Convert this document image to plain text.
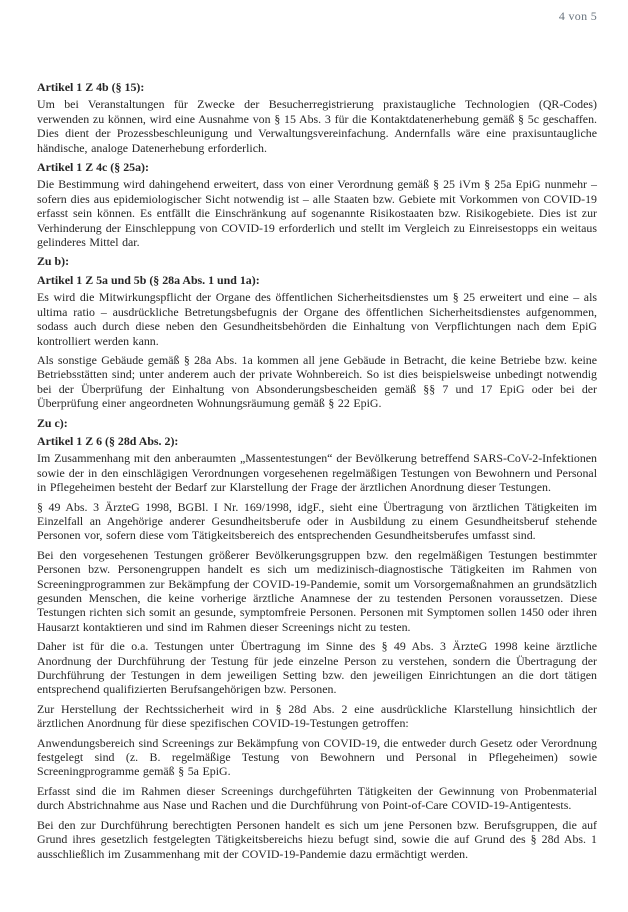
4 von 5
Artikel 1 Z 4b (§ 15):
Um bei Veranstaltungen für Zwecke der Besucherregistrierung praxistaugliche Technologien (QR-Codes) verwenden zu können, wird eine Ausnahme von § 15 Abs. 3 für die Kontaktdatenerhebung gemäß § 5c geschaffen. Dies dient der Prozessbeschleunigung und Verwaltungsvereinfachung. Andernfalls wäre eine praxisuntaugliche händische, analoge Datenerhebung erforderlich.
Artikel 1 Z 4c (§ 25a):
Die Bestimmung wird dahingehend erweitert, dass von einer Verordnung gemäß § 25 iVm § 25a EpiG nunmehr – sofern dies aus epidemiologischer Sicht notwendig ist – alle Staaten bzw. Gebiete mit Vorkommen von COVID-19 erfasst sein können. Es entfällt die Einschränkung auf sogenannte Risikostaaten bzw. Risikogebiete. Dies ist zur Verhinderung der Einschleppung von COVID-19 erforderlich und stellt im Vergleich zu Einreisestopps ein weitaus gelinderes Mittel dar.
Zu b):
Artikel 1 Z 5a und 5b (§ 28a Abs. 1 und 1a):
Es wird die Mitwirkungspflicht der Organe des öffentlichen Sicherheitsdienstes um § 25 erweitert und eine – als ultima ratio – ausdrückliche Betretungsbefugnis der Organe des öffentlichen Sicherheitsdienstes aufgenommen, sodass auch durch diese neben den Gesundheitsbehörden die Einhaltung von Verpflichtungen nach dem EpiG kontrolliert werden kann.
Als sonstige Gebäude gemäß § 28a Abs. 1a kommen all jene Gebäude in Betracht, die keine Betriebe bzw. keine Betriebsstätten sind; unter anderem auch der private Wohnbereich. So ist dies beispielsweise unbedingt notwendig bei der Überprüfung der Einhaltung von Absonderungsbescheiden gemäß §§ 7 und 17 EpiG oder bei der Überprüfung einer angeordneten Wohnungsräumung gemäß § 22 EpiG.
Zu c):
Artikel 1 Z 6 (§ 28d Abs. 2):
Im Zusammenhang mit den anberaumten „Massentestungen“ der Bevölkerung betreffend SARS-CoV-2-Infektionen sowie der in den einschlägigen Verordnungen vorgesehenen regelmäßigen Testungen von Bewohnern und Personal in Pflegeheimen besteht der Bedarf zur Klarstellung der Frage der ärztlichen Anordnung dieser Testungen.
§ 49 Abs. 3 ÄrzteG 1998, BGBl. I Nr. 169/1998, idgF., sieht eine Übertragung von ärztlichen Tätigkeiten im Einzelfall an Angehörige anderer Gesundheitsberufe oder in Ausbildung zu einem Gesundheitsberuf stehende Personen vor, sofern diese vom Tätigkeitsbereich des entsprechenden Gesundheitsberufes umfasst sind.
Bei den vorgesehenen Testungen größerer Bevölkerungsgruppen bzw. den regelmäßigen Testungen bestimmter Personen bzw. Personengruppen handelt es sich um medizinisch-diagnostische Tätigkeiten im Rahmen von Screeningprogrammen zur Bekämpfung der COVID-19-Pandemie, somit um Vorsorgemaßnahmen an grundsätzlich gesunden Menschen, die keine vorherige ärztliche Anamnese der zu testenden Personen voraussetzen. Diese Testungen richten sich somit an gesunde, symptomfreie Personen. Personen mit Symptomen sollen 1450 oder ihren Hausarzt kontaktieren und sind im Rahmen dieser Screenings nicht zu testen.
Daher ist für die o.a. Testungen unter Übertragung im Sinne des § 49 Abs. 3 ÄrzteG 1998 keine ärztliche Anordnung der Durchführung der Testung für jede einzelne Person zu verstehen, sondern die Übertragung der Durchführung der Testungen in dem jeweiligen Setting bzw. den jeweiligen Einrichtungen an die dort tätigen entsprechend qualifizierten Berufsangehörigen bzw. Personen.
Zur Herstellung der Rechtssicherheit wird in § 28d Abs. 2 eine ausdrückliche Klarstellung hinsichtlich der ärztlichen Anordnung für diese spezifischen COVID-19-Testungen getroffen:
Anwendungsbereich sind Screenings zur Bekämpfung von COVID-19, die entweder durch Gesetz oder Verordnung festgelegt sind (z. B. regelmäßige Testung von Bewohnern und Personal in Pflegeheimen) sowie Screeningprogramme gemäß § 5a EpiG.
Erfasst sind die im Rahmen dieser Screenings durchgeführten Tätigkeiten der Gewinnung von Probenmaterial durch Abstrichnahme aus Nase und Rachen und die Durchführung von Point-of-Care COVID-19-Antigentests.
Bei den zur Durchführung berechtigten Personen handelt es sich um jene Personen bzw. Berufsgruppen, die auf Grund ihres gesetzlich festgelegten Tätigkeitsbereichs hiezu befugt sind, sowie die auf Grund des § 28d Abs. 1 ausschließlich im Zusammenhang mit der COVID-19-Pandemie dazu ermächtigt werden.
